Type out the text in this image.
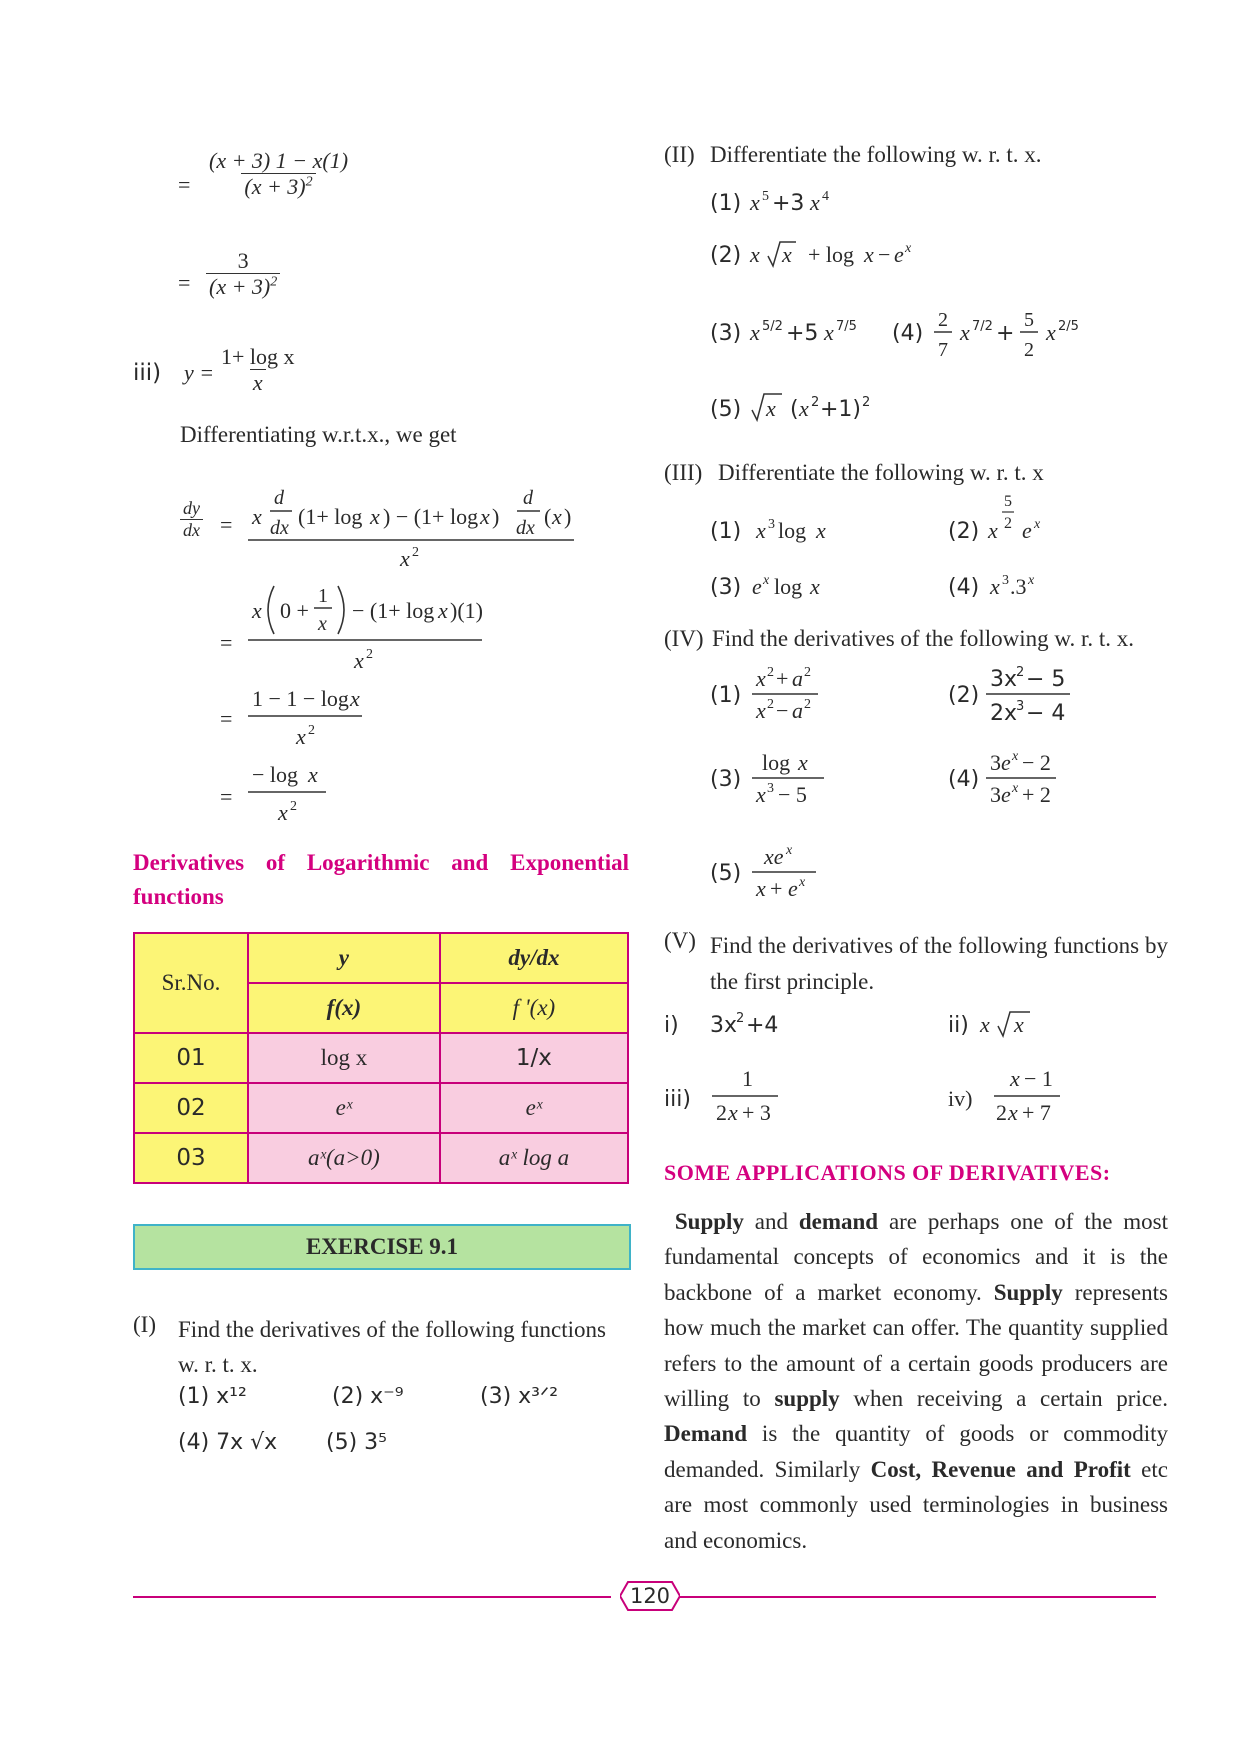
= $\frac{(x + 3) 1 - x(1)}{(x + 3)^2}$
= $\frac{3}{(x + 3)^2}$
iii) $y = \frac{\text{1+ log x}}{x}$
Differentiating w.r.t.x., we get
$\frac{dy}{dx} = x$
d
dx (1+ log x ) − (1+ log x )
d
dx ( x )
x 2
=
x 0 +
1
x
− (1+ log x )(1)
x 2
=
1 − 1 − log x
x 2
=
− log x
x 2
Derivatives of Logarithmic and Exponential functions
Sr.No.	y	dy/dx
	f(x)	f '(x)
01	log x	1/x
02	eˣ	eˣ
03	aˣ(a>0)	aˣ log a
EXERCISE 9.1
(I) Find the derivatives of the following functions w. r. t. x.
(1) x¹²	(2) x⁻⁹	(3) x³ᐟ²
(4) 7x √x (5) 3⁵
(II) Differentiate the following w. r. t. x.
(1) x 5 +3 x 4
(2) x x + log x − e x
(3) x 5/2 +5 x 7/5 (4)
2
7
x 7/2 +
5
2
x 2/5
(5) x ( x 2 +1) 2
(III) Differentiate the following w. r. t. x
(1) x 3 log x	(2) x
5
2 e x
(3) e x log x	(4) x 3 .3 x
(IV) Find the derivatives of the following w. r. t. x.
(1)
x 2 + a 2
x 2 − a 2	(2)
3x
2 − 5
2x
3 − 4
(3)
log x
x 3 − 5
(4)
3 e x − 2
3 e x + 2
(5)
xe x
x + e x
(V) Find the derivatives of the following functions by the first principle.
i) 3x
2 +4	ii) x x
iii)
1
2 x + 3
iv)
x − 1
2 x + 7
SOME APPLICATIONS OF DERIVATIVES:
Supply and demand are perhaps one of the most fundamental concepts of economics and it is the backbone of a market economy. Supply represents how much the market can offer. The quantity supplied refers to the amount of a certain goods producers are willing to supply when receiving a certain price. Demand is the quantity of goods or commodity demanded. Similarly Cost, Revenue and Profit etc are most commonly used terminologies in business and economics.
120
